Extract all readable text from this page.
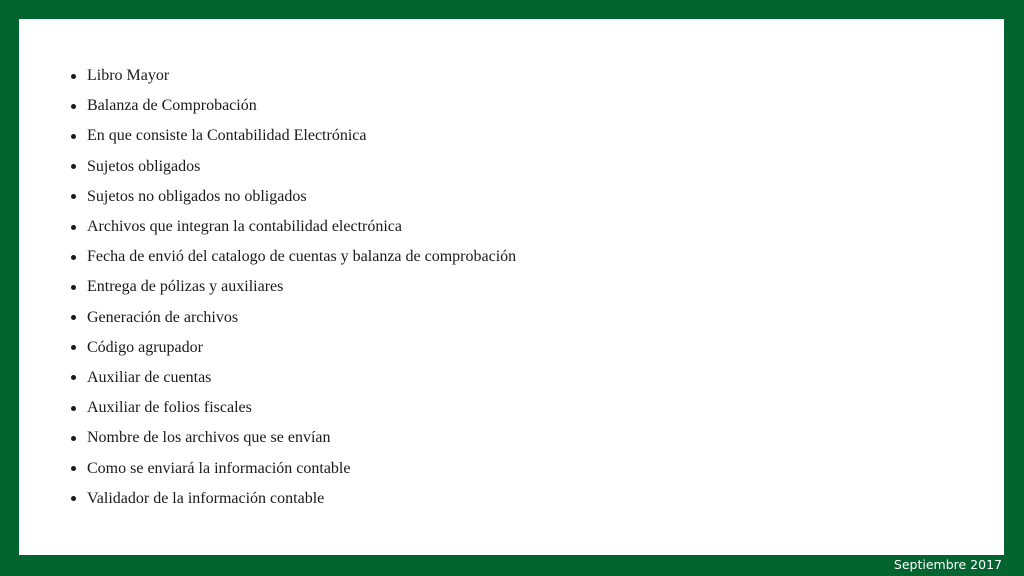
Libro Mayor
Balanza de Comprobación
En que consiste la Contabilidad Electrónica
Sujetos obligados
Sujetos no obligados no obligados
Archivos que integran la contabilidad electrónica
Fecha de envió del catalogo de cuentas y balanza de comprobación
Entrega de pólizas y auxiliares
Generación de archivos
Código agrupador
Auxiliar de cuentas
Auxiliar de folios fiscales
Nombre de los archivos que se envían
Como se enviará la información contable
Validador de la información contable
Septiembre 2017
